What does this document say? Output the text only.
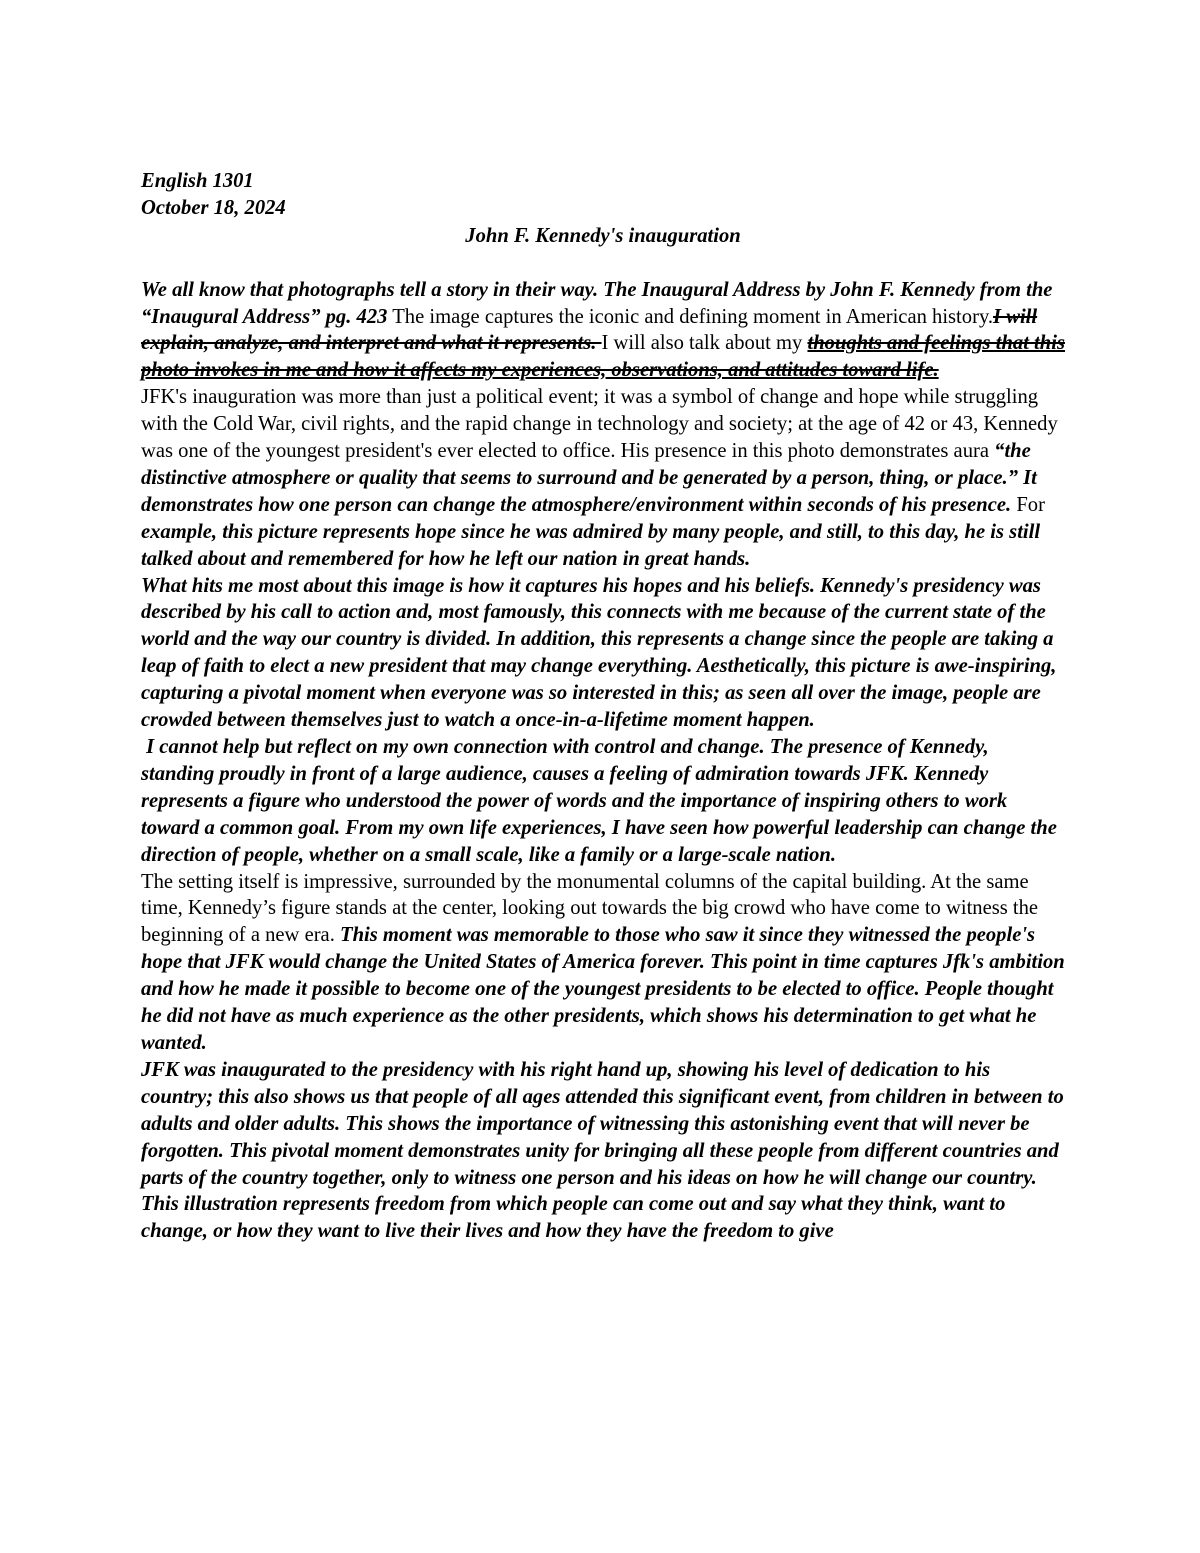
English 1301
October 18, 2024
John F. Kennedy's inauguration

We all know that photographs tell a story in their way. The Inaugural Address by John F. Kennedy from the “Inaugural Address” pg. 423 The image captures the iconic and defining moment in American history.I will explain, analyze, and interpret and what it represents. I will also talk about my thoughts and feelings that this photo invokes in me and how it affects my experiences, observations, and attitudes toward life.

JFK's inauguration was more than just a political event; it was a symbol of change and hope while struggling with the Cold War, civil rights, and the rapid change in technology and society; at the age of 42 or 43, Kennedy was one of the youngest president's ever elected to office. His presence in this photo demonstrates aura “the distinctive atmosphere or quality that seems to surround and be generated by a person, thing, or place.” It demonstrates how one person can change the atmosphere/environment within seconds of his presence. For example, this picture represents hope since he was admired by many people, and still, to this day, he is still talked about and remembered for how he left our nation in great hands.

What hits me most about this image is how it captures his hopes and his beliefs. Kennedy's presidency was described by his call to action and, most famously, this connects with me because of the current state of the world and the way our country is divided. In addition, this represents a change since the people are taking a leap of faith to elect a new president that may change everything. Aesthetically, this picture is awe-inspiring, capturing a pivotal moment when everyone was so interested in this; as seen all over the image, people are crowded between themselves just to watch a once-in-a-lifetime moment happen.

I cannot help but reflect on my own connection with control and change. The presence of Kennedy, standing proudly in front of a large audience, causes a feeling of admiration towards JFK. Kennedy represents a figure who understood the power of words and the importance of inspiring others to work toward a common goal. From my own life experiences, I have seen how powerful leadership can change the direction of people, whether on a small scale, like a family or a large-scale nation.

The setting itself is impressive, surrounded by the monumental columns of the capital building. At the same time, Kennedy’s figure stands at the center, looking out towards the big crowd who have come to witness the beginning of a new era. This moment was memorable to those who saw it since they witnessed the people's hope that JFK would change the United States of America forever. This point in time captures Jfk's ambition and how he made it possible to become one of the youngest presidents to be elected to office. People thought he did not have as much experience as the other presidents, which shows his determination to get what he wanted.

JFK was inaugurated to the presidency with his right hand up, showing his level of dedication to his country; this also shows us that people of all ages attended this significant event, from children in between to adults and older adults. This shows the importance of witnessing this astonishing event that will never be forgotten. This pivotal moment demonstrates unity for bringing all these people from different countries and parts of the country together, only to witness one person and his ideas on how he will change our country.

This illustration represents freedom from which people can come out and say what they think, want to change, or how they want to live their lives and how they have the freedom to give
